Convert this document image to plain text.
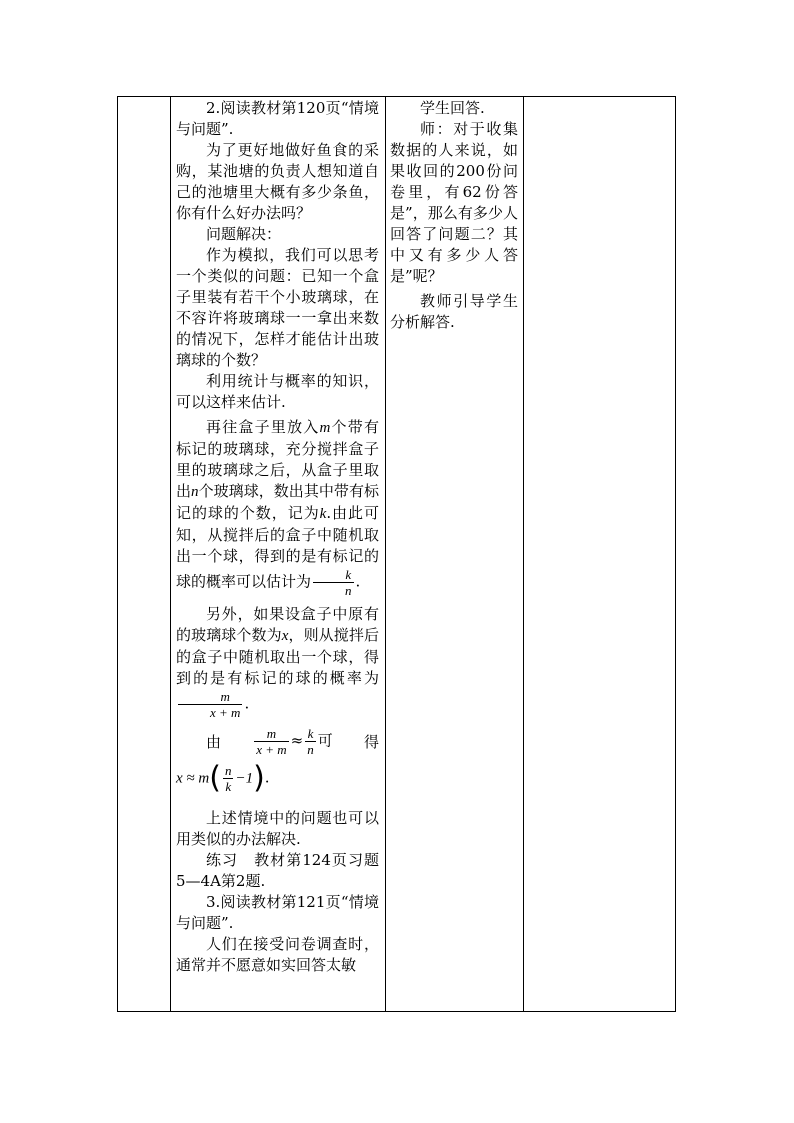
2.阅读教材第120页“情境与问题”.

为了更好地做好鱼食的采购，某池塘的负责人想知道自己的池塘里大概有多少条鱼，你有什么好办法吗？

问题解决：

作为模拟，我们可以思考一个类似的问题：已知一个盒子里装有若干个小玻璃球，在不容许将玻璃球一一拿出来数的情况下，怎样才能估计出玻璃球的个数？

利用统计与概率的知识，可以这样来估计.

再往盒子里放入m个带有标记的玻璃球，充分搅拌盒子里的玻璃球之后，从盒子里取出n个玻璃球，数出其中带有标记的球的个数，记为k.由此可知，从搅拌后的盒子中随机取出一个球，得到的是有标记的球的概率可以估计为 $\frac{k}{n}$ .

另外，如果设盒子中原有的玻璃球个数为x，则从搅拌后的盒子中随机取出一个球，得到的是有标记的球的概率为
$\frac{m}{x + m}$ .

由	$\frac{m}{x + m} \approx \frac{k}{n}$ 可 得
$x \approx m( \frac{n}{k} -1)$.

上述情境中的问题也可以用类似的办法解决.

练习　教材第124页习题5—4A第2题.

3.阅读教材第121页“情境与问题”.

人们在接受问卷调查时，通常并不愿意如实回答太敏

学生回答.

师：对于收集数据的人来说，如果收回的200份问卷里，有62份答是”，那么有多少人回答了问题二？其中又有多少人答是”呢？

教师引导学生分析解答.
